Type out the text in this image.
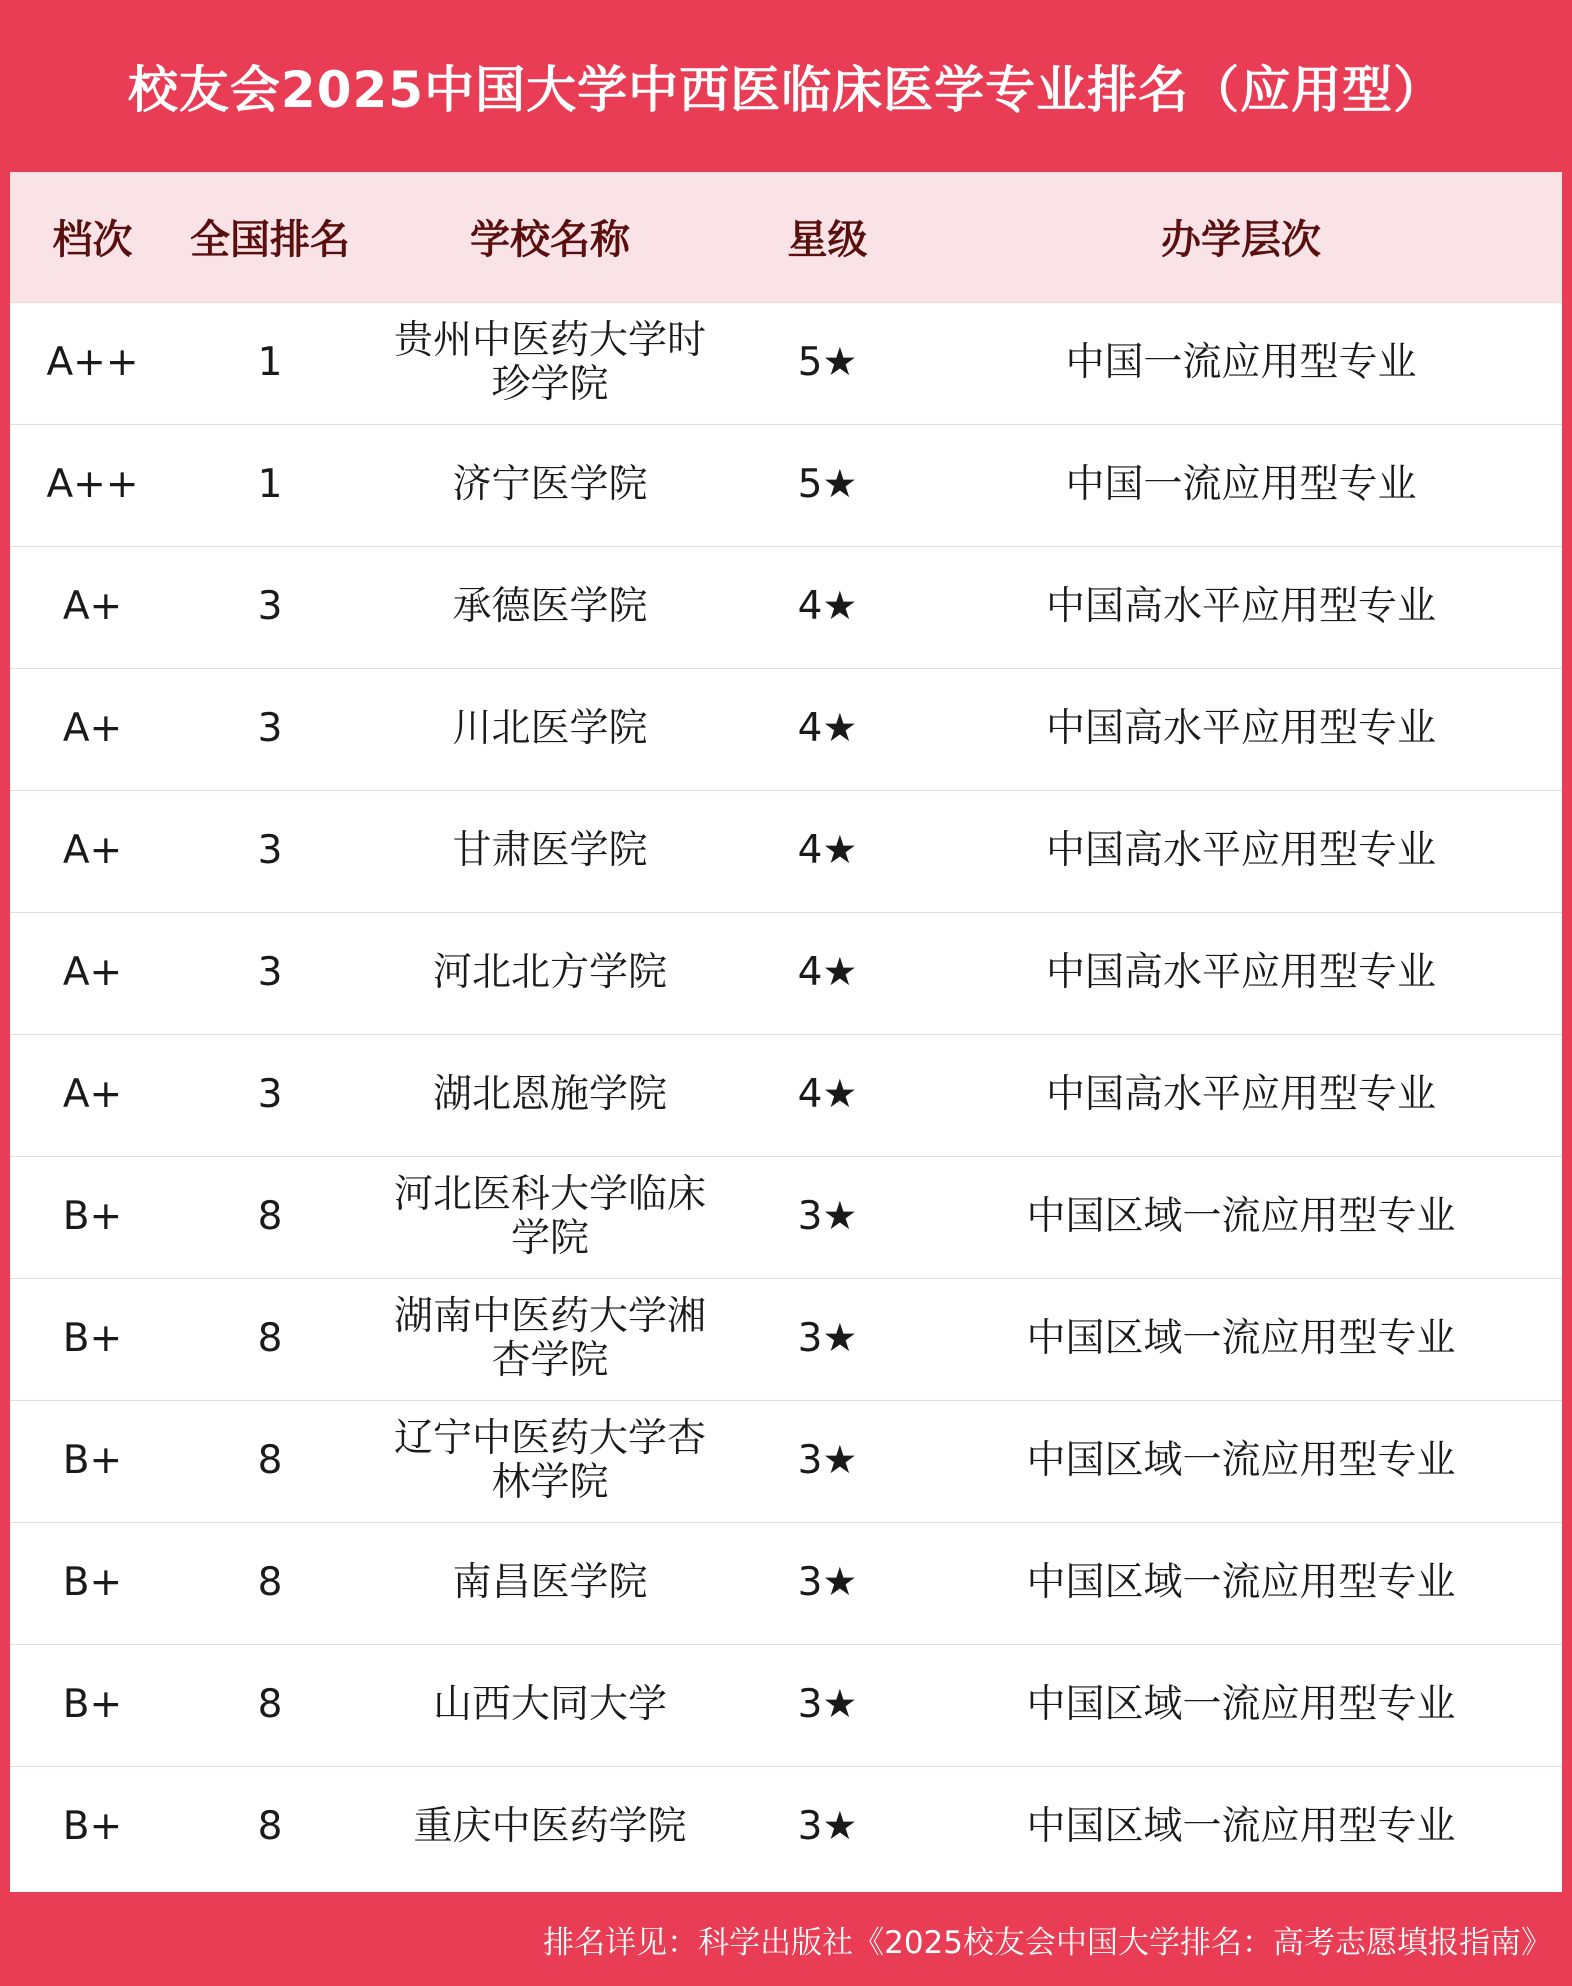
校友会2025中国大学中西医临床医学专业排名（应用型）
档次	全国排名	学校名称	星级	办学层次
A++	1	贵州中医药大学时珍学院	5★	中国一流应用型专业
A++	1	济宁医学院	5★	中国一流应用型专业
A+	3	承德医学院	4★	中国高水平应用型专业
A+	3	川北医学院	4★	中国高水平应用型专业
A+	3	甘肃医学院	4★	中国高水平应用型专业
A+	3	河北北方学院	4★	中国高水平应用型专业
A+	3	湖北恩施学院	4★	中国高水平应用型专业
B+	8	河北医科大学临床学院	3★	中国区域一流应用型专业
B+	8	湖南中医药大学湘杏学院	3★	中国区域一流应用型专业
B+	8	辽宁中医药大学杏林学院	3★	中国区域一流应用型专业
B+	8	南昌医学院	3★	中国区域一流应用型专业
B+	8	山西大同大学	3★	中国区域一流应用型专业
B+	8	重庆中医药学院	3★	中国区域一流应用型专业
排名详见：科学出版社《2025校友会中国大学排名：高考志愿填报指南》
